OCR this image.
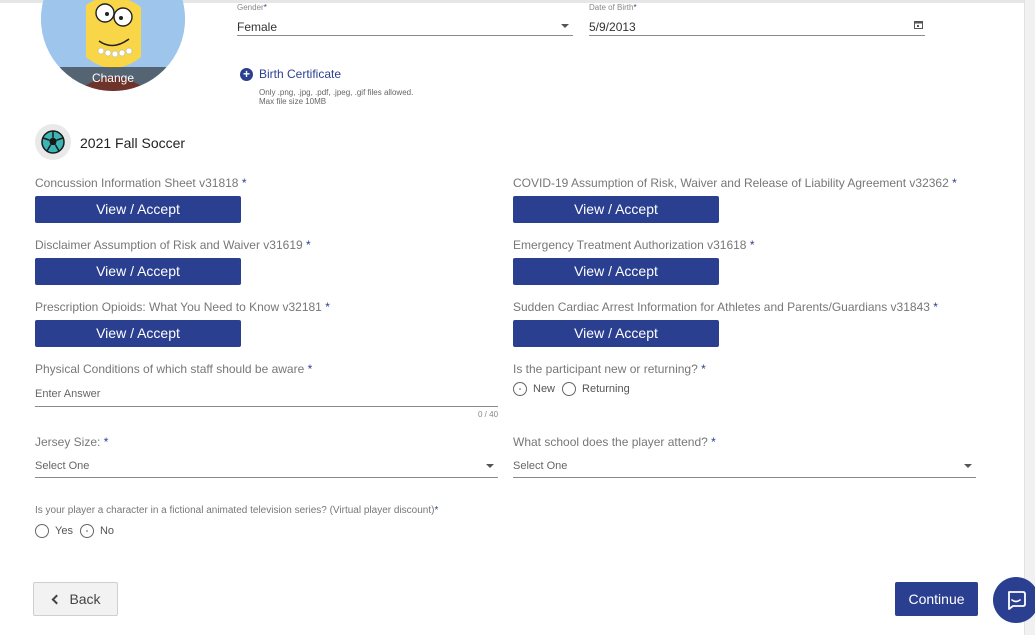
Change
Gender*
Female
Date of Birth*
5/9/2013
+ Birth Certificate
Only .png, .jpg, .pdf, .jpeg, .gif files allowed.
Max file size 10MB
2021 Fall Soccer
Concussion Information Sheet v31818 *
View / Accept
COVID-19 Assumption of Risk, Waiver and Release of Liability Agreement v32362 *
View / Accept
Disclaimer Assumption of Risk and Waiver v31619 *
View / Accept
Emergency Treatment Authorization v31618 *
View / Accept
Prescription Opioids: What You Need to Know v32181 *
View / Accept
Sudden Cardiac Arrest Information for Athletes and Parents/Guardians v31843 *
View / Accept
Physical Conditions of which staff should be aware *
Enter Answer
0 / 40
Is the participant new or returning? *
New Returning
Jersey Size: *
Select One
What school does the player attend? *
Select One
Is your player a character in a fictional animated television series? (Virtual player discount)*
Yes No
Back	Continue
